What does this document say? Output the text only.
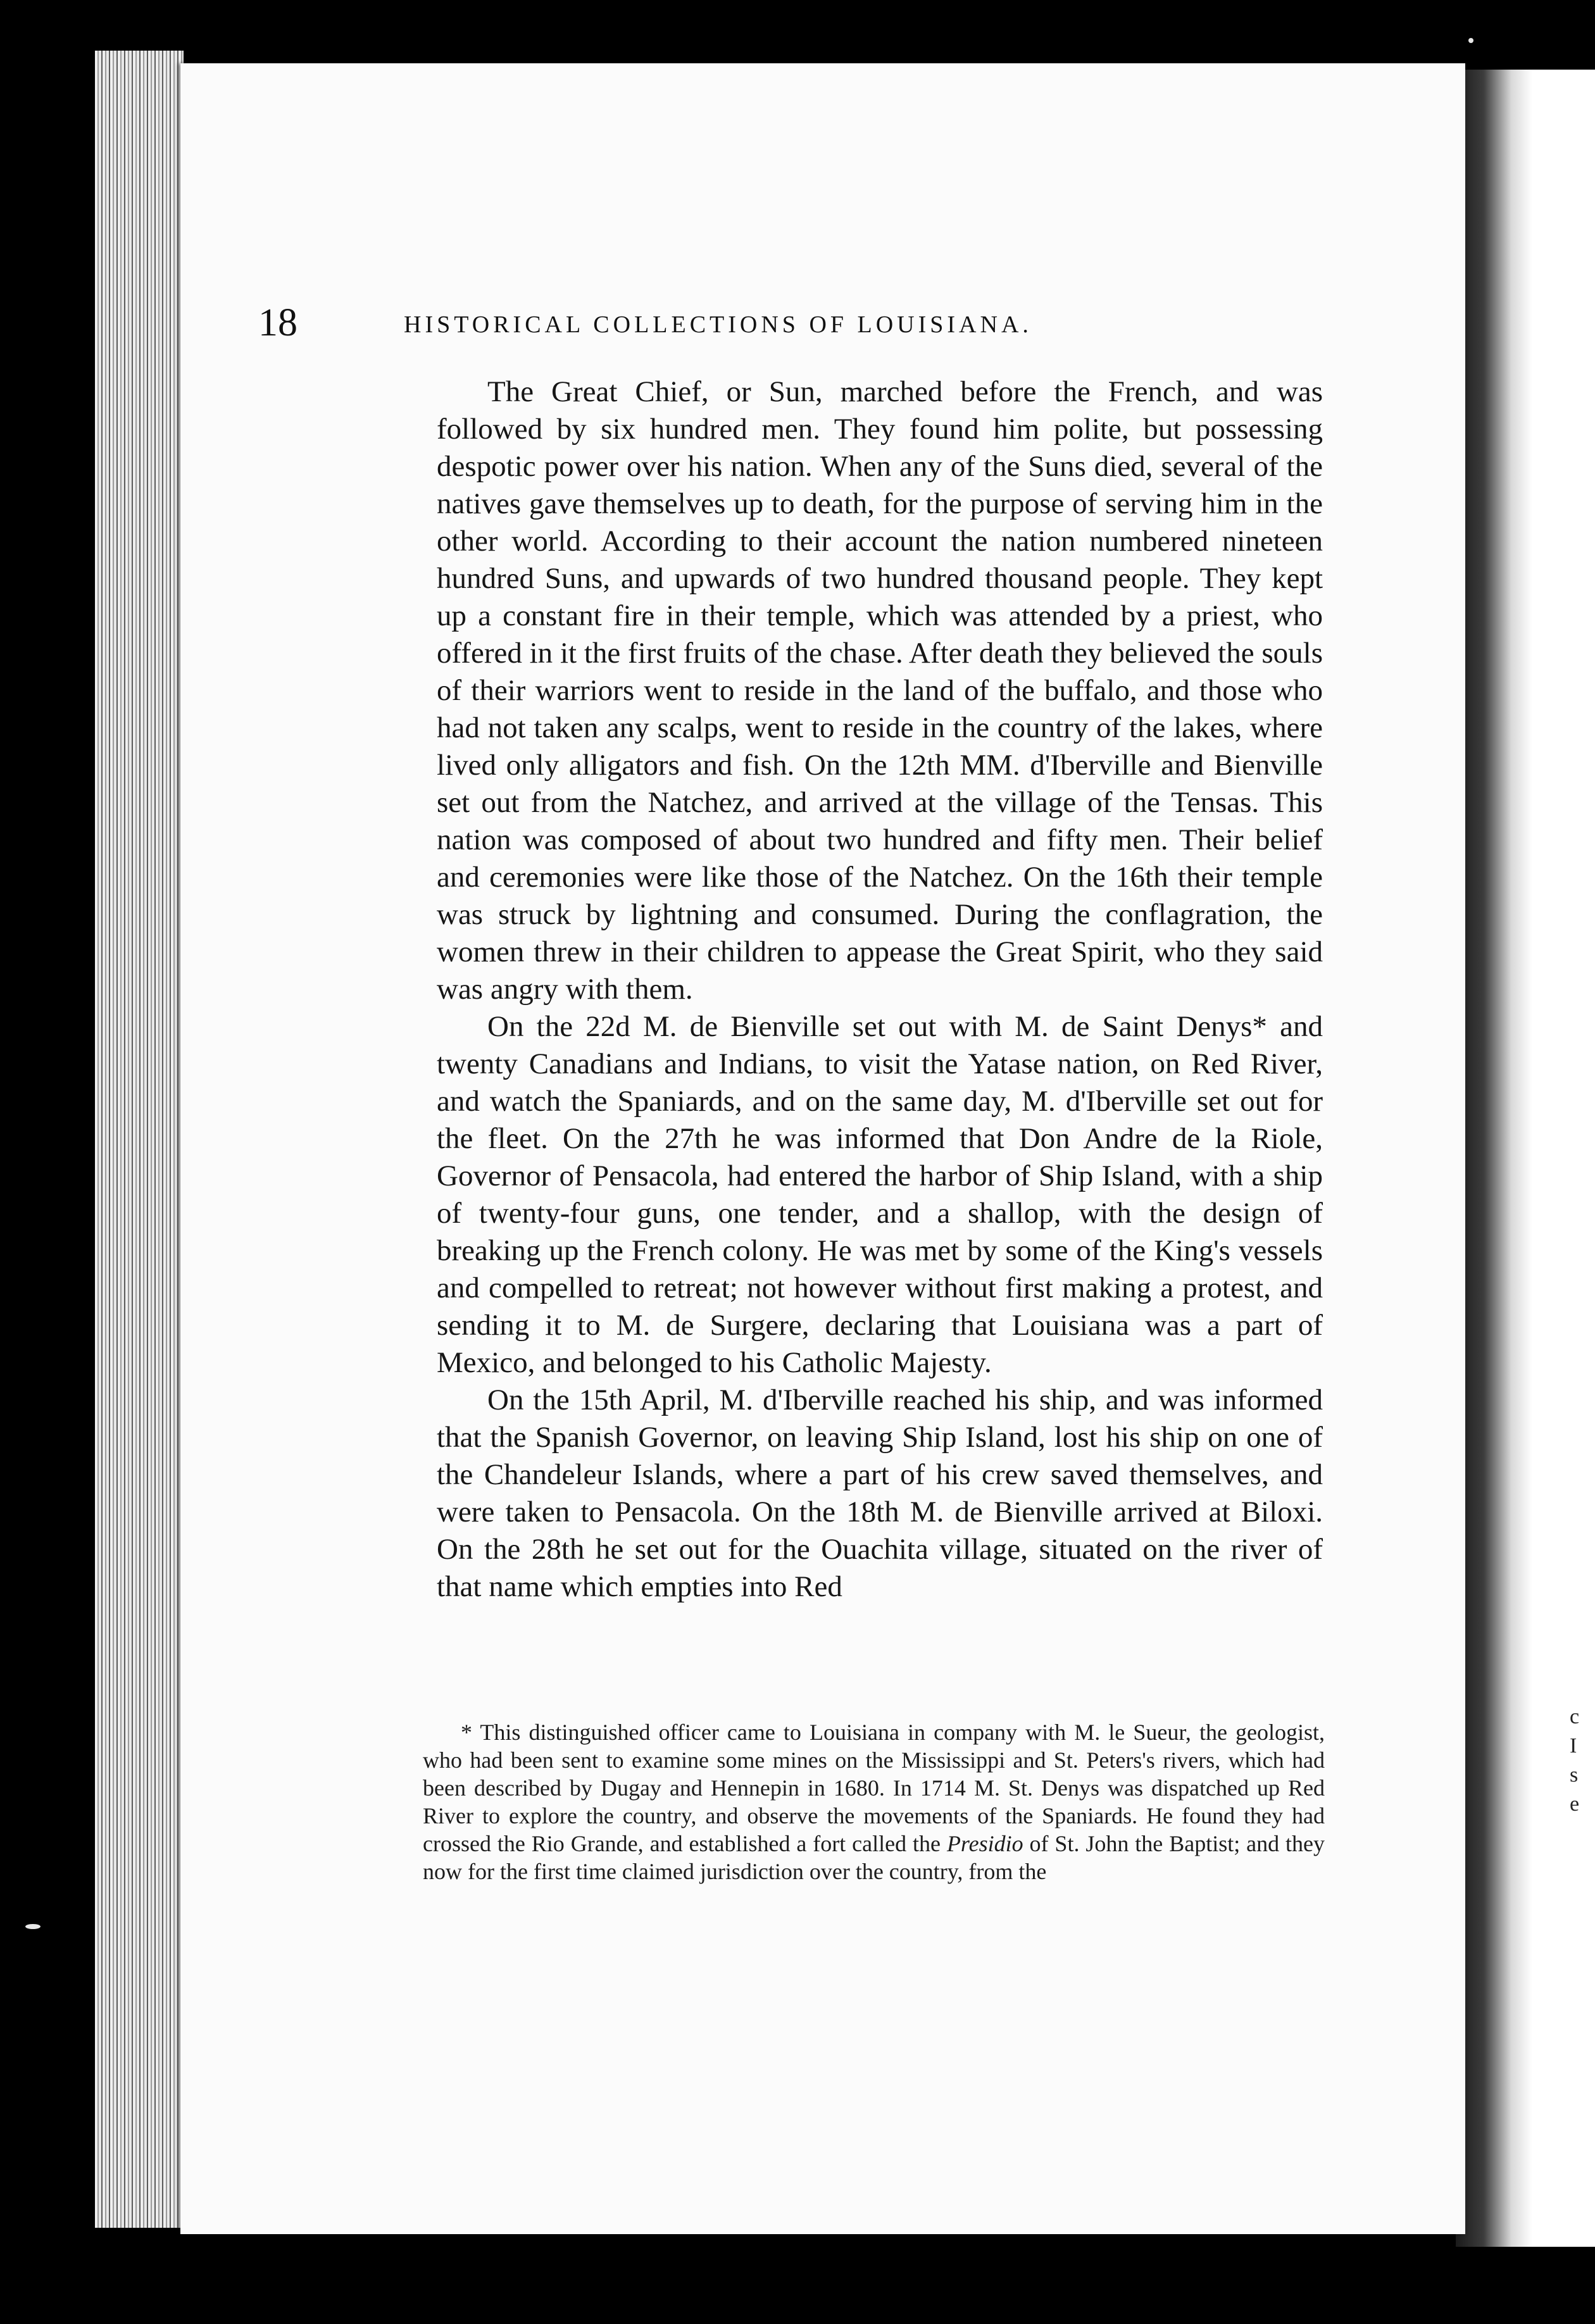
18	HISTORICAL COLLECTIONS OF LOUISIANA.

The Great Chief, or Sun, marched before the French, and was followed by six hundred men. They found him polite, but possessing despotic power over his nation. When any of the Suns died, several of the natives gave themselves up to death, for the purpose of serving him in the other world. According to their account the nation numbered nineteen hundred Suns, and upwards of two hundred thousand people. They kept up a constant fire in their temple, which was attended by a priest, who offered in it the first fruits of the chase. After death they believed the souls of their warriors went to reside in the land of the buffalo, and those who had not taken any scalps, went to reside in the country of the lakes, where lived only alligators and fish. On the 12th MM. d'Iberville and Bienville set out from the Natchez, and arrived at the village of the Tensas. This nation was composed of about two hundred and fifty men. Their belief and ceremonies were like those of the Natchez. On the 16th their temple was struck by lightning and consumed. During the conflagration, the women threw in their children to appease the Great Spirit, who they said was angry with them.

On the 22d M. de Bienville set out with M. de Saint Denys* and twenty Canadians and Indians, to visit the Yatase nation, on Red River, and watch the Spaniards, and on the same day, M. d'Iberville set out for the fleet. On the 27th he was informed that Don Andre de la Riole, Governor of Pensacola, had entered the harbor of Ship Island, with a ship of twenty-four guns, one tender, and a shallop, with the design of breaking up the French colony. He was met by some of the King's vessels and compelled to retreat; not however without first making a protest, and sending it to M. de Surgere, declaring that Louisiana was a part of Mexico, and belonged to his Catholic Majesty.

On the 15th April, M. d'Iberville reached his ship, and was informed that the Spanish Governor, on leaving Ship Island, lost his ship on one of the Chandeleur Islands, where a part of his crew saved themselves, and were taken to Pensacola. On the 18th M. de Bienville arrived at Biloxi. On the 28th he set out for the Ouachita village, situated on the river of that name which empties into Red

* This distinguished officer came to Louisiana in company with M. le Sueur, the geologist, who had been sent to examine some mines on the Mississippi and St. Peters's rivers, which had been described by Dugay and Hennepin in 1680. In 1714 M. St. Denys was dispatched up Red River to explore the country, and observe the movements of the Spaniards. He found they had crossed the Rio Grande, and established a fort called the Presidio of St. John the Baptist; and they now for the first time claimed jurisdiction over the country, from the

c
I
s
e
